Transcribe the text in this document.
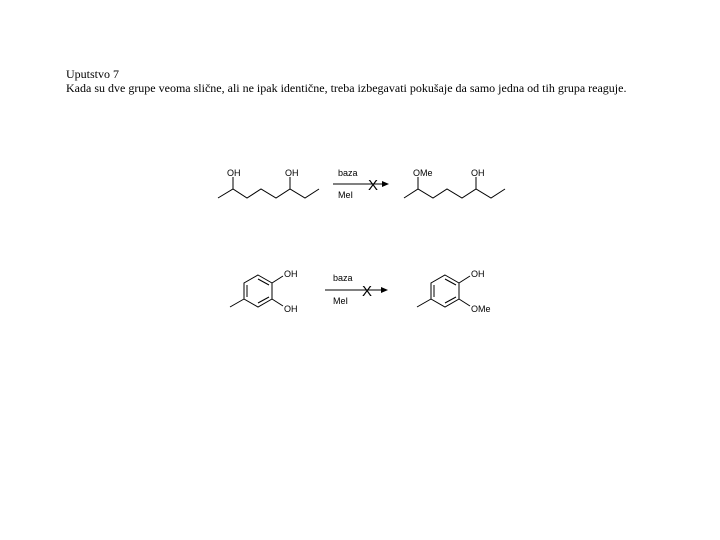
Uputstvo 7
Kada su dve grupe veoma slične, ali ne ipak identične, treba izbegavati pokušaje da samo jedna od tih grupa reaguje.
OH	OH	baza
MeI
X
OMe	OH
OH
OH
baza
MeI
X
OH
OMe
